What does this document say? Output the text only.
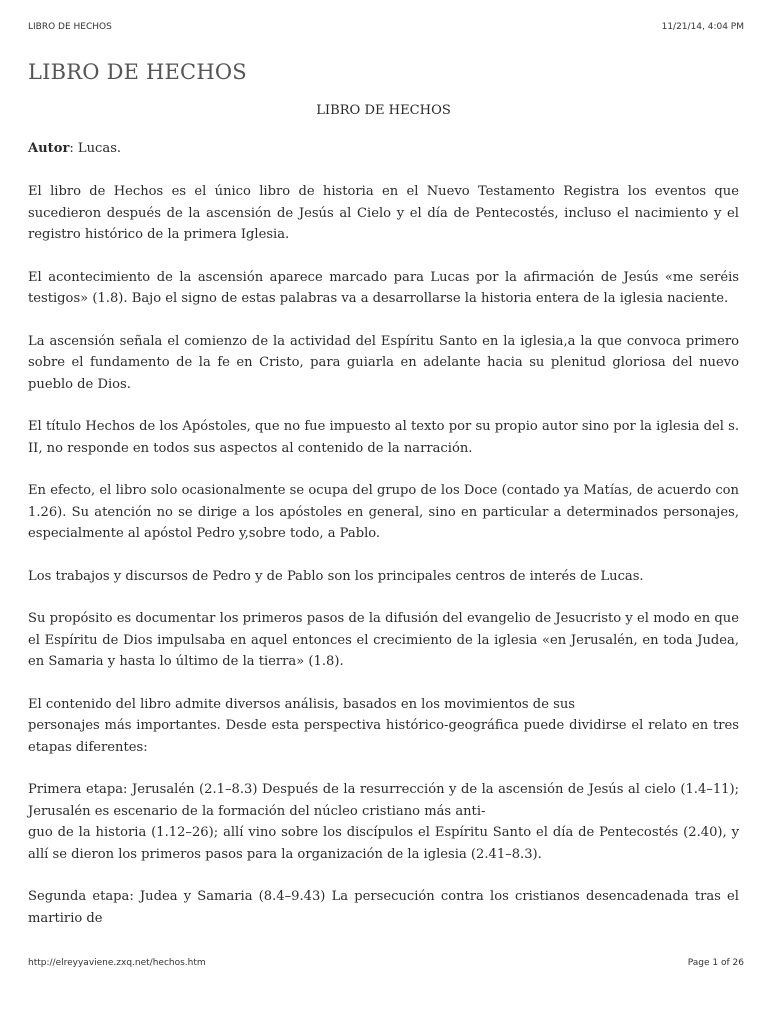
LIBRO DE HECHOS	11/21/14, 4:04 PM
LIBRO DE HECHOS
LIBRO DE HECHOS

Autor: Lucas.

El libro de Hechos es el único libro de historia en el Nuevo Testamento Registra los eventos que sucedieron después de la ascensión de Jesús al Cielo y el día de Pentecostés, incluso el nacimiento y el registro histórico de la primera Iglesia.

El acontecimiento de la ascensión aparece marcado para Lucas por la afirmación de Jesús «me seréis testigos» (1.8). Bajo el signo de estas palabras va a desarrollarse la historia entera de la iglesia naciente.

La ascensión señala el comienzo de la actividad del Espíritu Santo en la iglesia,a la que convoca primero sobre el fundamento de la fe en Cristo, para guiarla en adelante hacia su plenitud gloriosa del nuevo pueblo de Dios.

El título Hechos de los Apóstoles, que no fue impuesto al texto por su propio autor sino por la iglesia del s. II, no responde en todos sus aspectos al contenido de la narración.

En efecto, el libro solo ocasionalmente se ocupa del grupo de los Doce (contado ya Matías, de acuerdo con 1.26). Su atención no se dirige a los apóstoles en general, sino en particular a determinados personajes, especialmente al apóstol Pedro y,sobre todo, a Pablo.

Los trabajos y discursos de Pedro y de Pablo son los principales centros de interés de Lucas.

Su propósito es documentar los primeros pasos de la difusión del evangelio de Jesucristo y el modo en que el Espíritu de Dios impulsaba en aquel entonces el crecimiento de la iglesia «en Jerusalén, en toda Judea, en Samaria y hasta lo último de la tierra» (1.8).

El contenido del libro admite diversos análisis, basados en los movimientos de sus
personajes más importantes. Desde esta perspectiva histórico-geográfica puede dividirse el relato en tres etapas diferentes:

Primera etapa: Jerusalén (2.1–8.3) Después de la resurrección y de la ascensión de Jesús al cielo (1.4–11); Jerusalén es escenario de la formación del núcleo cristiano más anti-
guo de la historia (1.12–26); allí vino sobre los discípulos el Espíritu Santo el día de Pentecostés (2.40), y allí se dieron los primeros pasos para la organización de la iglesia (2.41–8.3).

Segunda etapa: Judea y Samaria (8.4–9.43) La persecución contra los cristianos desencadenada tras el martirio de

http://elreyyaviene.zxq.net/hechos.htm	Page 1 of 26
